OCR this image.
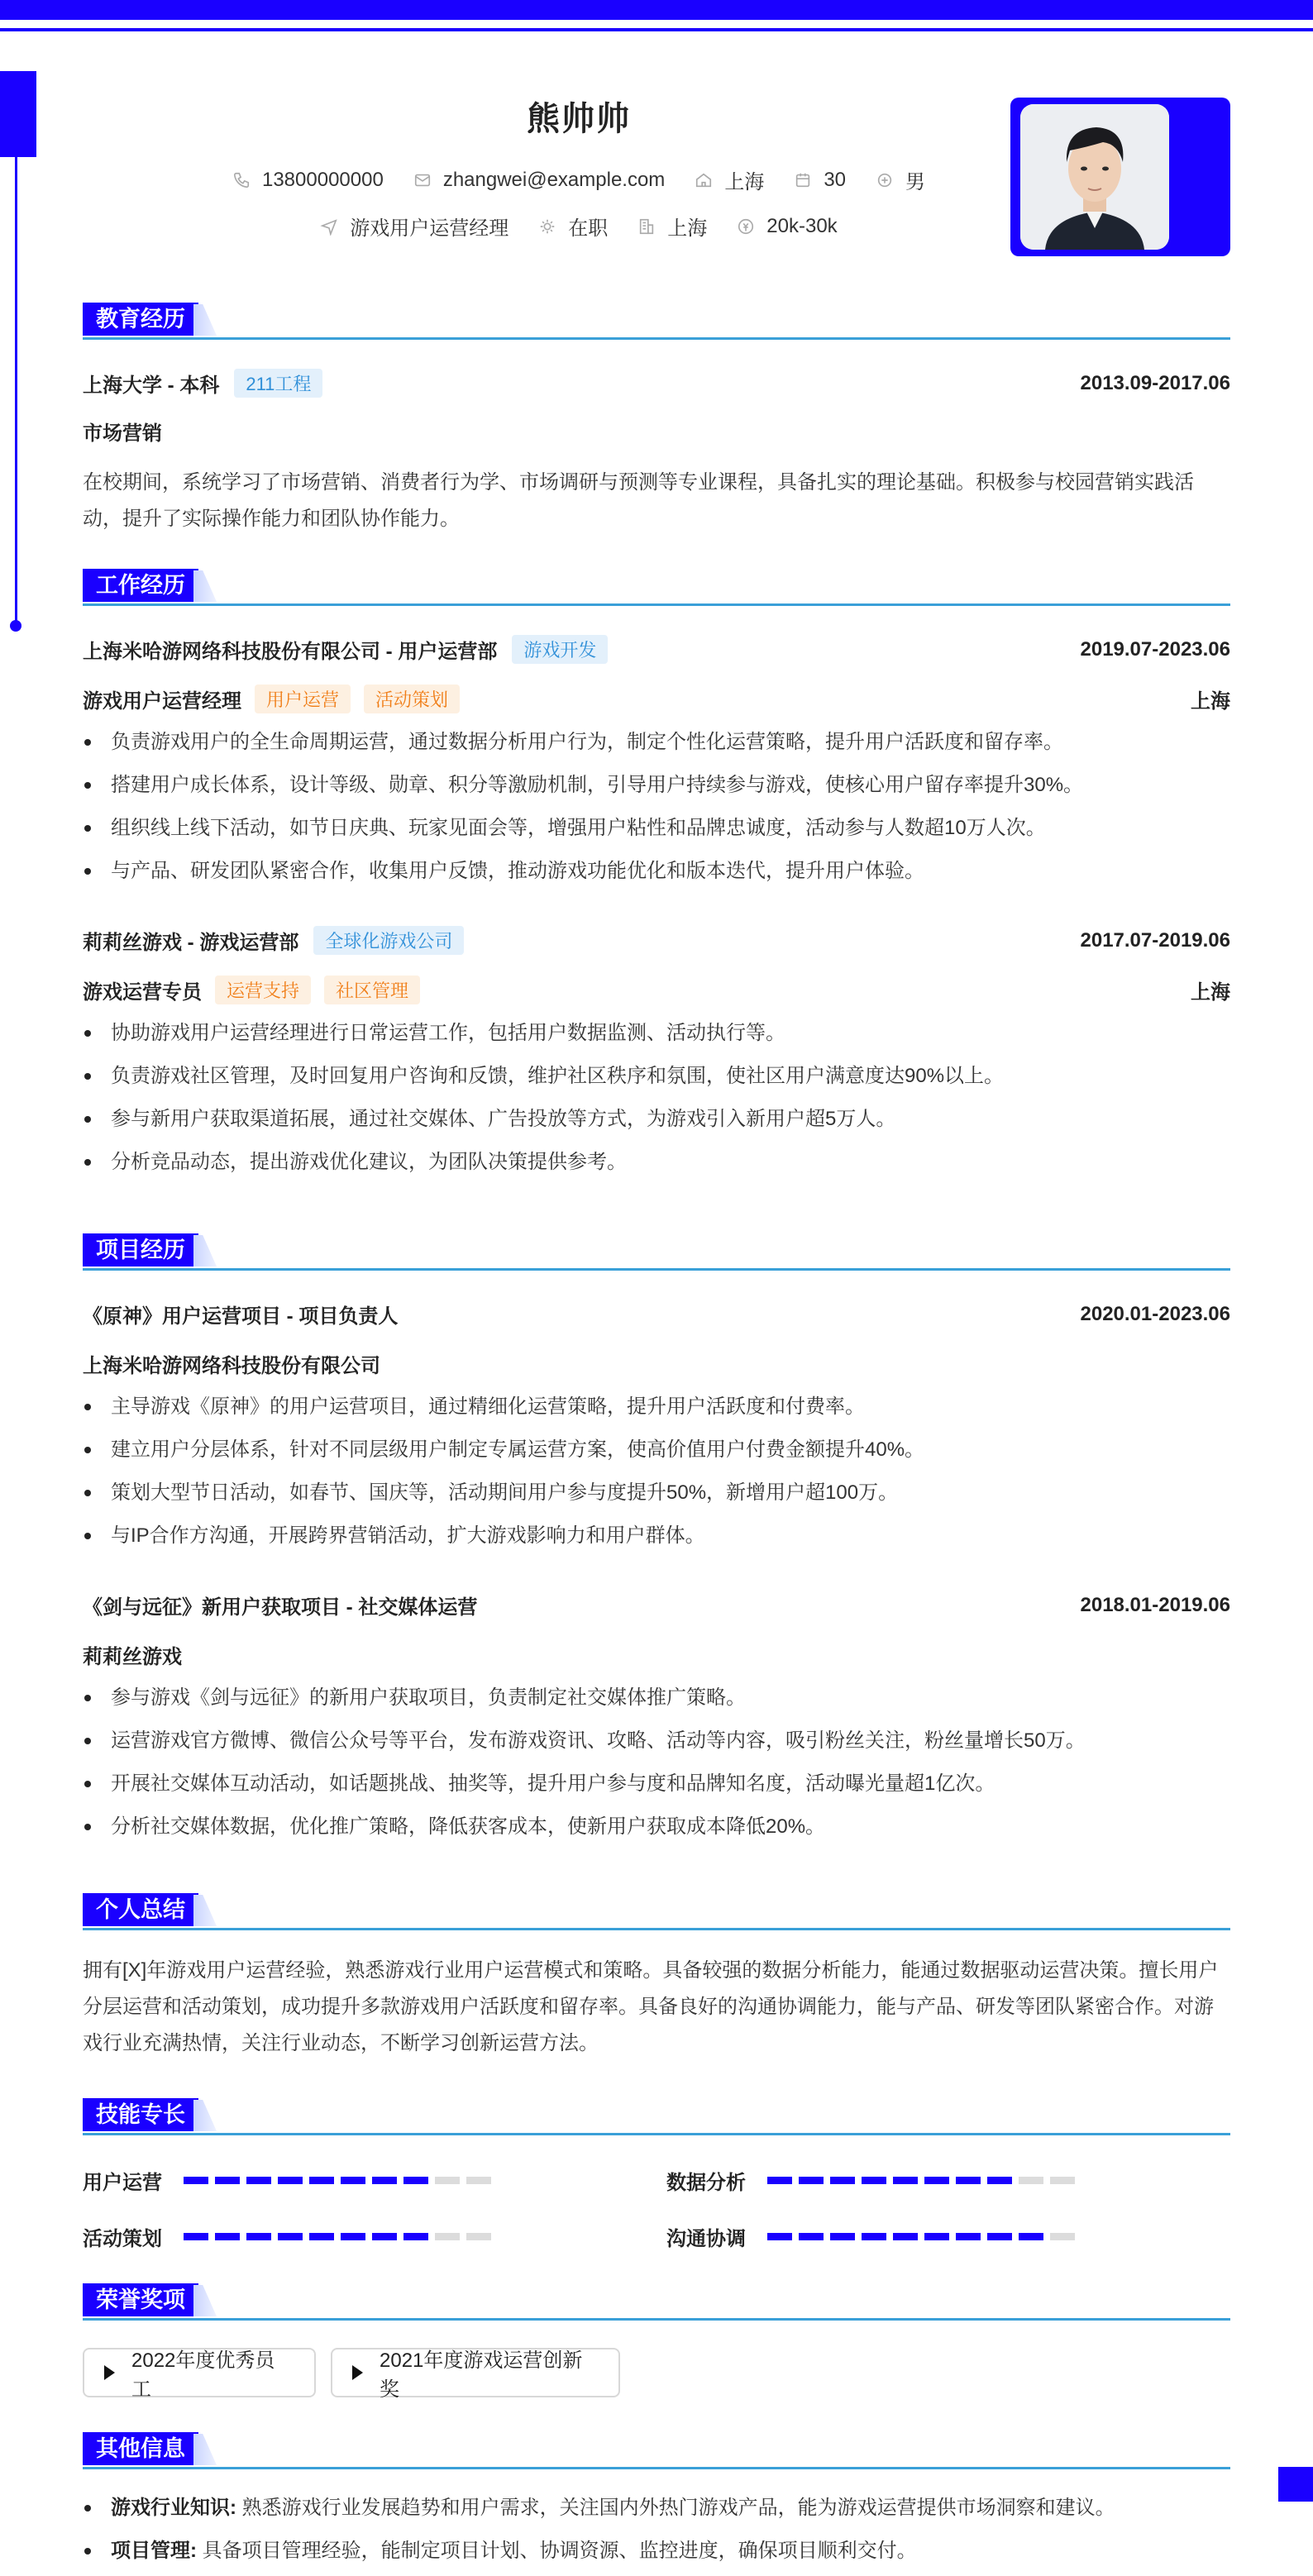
熊帅帅
13800000000	zhangwei@example.com	上海	30	男
游戏用户运营经理	在职	上海	20k-30k
教育经历
上海大学 - 本科	211工程	2013.09-2017.06
市场营销
在校期间，系统学习了市场营销、消费者行为学、市场调研与预测等专业课程，具备扎实的理论基础。积极参与校园营销实践活动，提升了实际操作能力和团队协作能力。
工作经历
上海米哈游网络科技股份有限公司 - 用户运营部	游戏开发	2019.07-2023.06
游戏用户运营经理	用户运营	活动策划	上海
负责游戏用户的全生命周期运营，通过数据分析用户行为，制定个性化运营策略，提升用户活跃度和留存率。
搭建用户成长体系，设计等级、勋章、积分等激励机制，引导用户持续参与游戏，使核心用户留存率提升30%。
组织线上线下活动，如节日庆典、玩家见面会等，增强用户粘性和品牌忠诚度，活动参与人数超10万人次。
与产品、研发团队紧密合作，收集用户反馈，推动游戏功能优化和版本迭代，提升用户体验。
莉莉丝游戏 - 游戏运营部	全球化游戏公司	2017.07-2019.06
游戏运营专员	运营支持	社区管理	上海
协助游戏用户运营经理进行日常运营工作，包括用户数据监测、活动执行等。
负责游戏社区管理，及时回复用户咨询和反馈，维护社区秩序和氛围，使社区用户满意度达90%以上。
参与新用户获取渠道拓展，通过社交媒体、广告投放等方式，为游戏引入新用户超5万人。
分析竞品动态，提出游戏优化建议，为团队决策提供参考。
项目经历
《原神》用户运营项目 - 项目负责人	2020.01-2023.06
上海米哈游网络科技股份有限公司
主导游戏《原神》的用户运营项目，通过精细化运营策略，提升用户活跃度和付费率。
建立用户分层体系，针对不同层级用户制定专属运营方案，使高价值用户付费金额提升40%。
策划大型节日活动，如春节、国庆等，活动期间用户参与度提升50%，新增用户超100万。
与IP合作方沟通，开展跨界营销活动，扩大游戏影响力和用户群体。
《剑与远征》新用户获取项目 - 社交媒体运营	2018.01-2019.06
莉莉丝游戏
参与游戏《剑与远征》的新用户获取项目，负责制定社交媒体推广策略。
运营游戏官方微博、微信公众号等平台，发布游戏资讯、攻略、活动等内容，吸引粉丝关注，粉丝量增长50万。
开展社交媒体互动活动，如话题挑战、抽奖等，提升用户参与度和品牌知名度，活动曝光量超1亿次。
分析社交媒体数据，优化推广策略，降低获客成本，使新用户获取成本降低20%。
个人总结
拥有[X]年游戏用户运营经验，熟悉游戏行业用户运营模式和策略。具备较强的数据分析能力，能通过数据驱动运营决策。擅长用户分层运营和活动策划，成功提升多款游戏用户活跃度和留存率。具备良好的沟通协调能力，能与产品、研发等团队紧密合作。对游戏行业充满热情，关注行业动态，不断学习创新运营方法。
技能专长
用户运营	数据分析
活动策划	沟通协调
荣誉奖项
2022年度优秀员工
2021年度游戏运营创新奖
其他信息
游戏行业知识: 熟悉游戏行业发展趋势和用户需求，关注国内外热门游戏产品，能为游戏运营提供市场洞察和建议。
项目管理: 具备项目管理经验，能制定项目计划、协调资源、监控进度，确保项目顺利交付。
